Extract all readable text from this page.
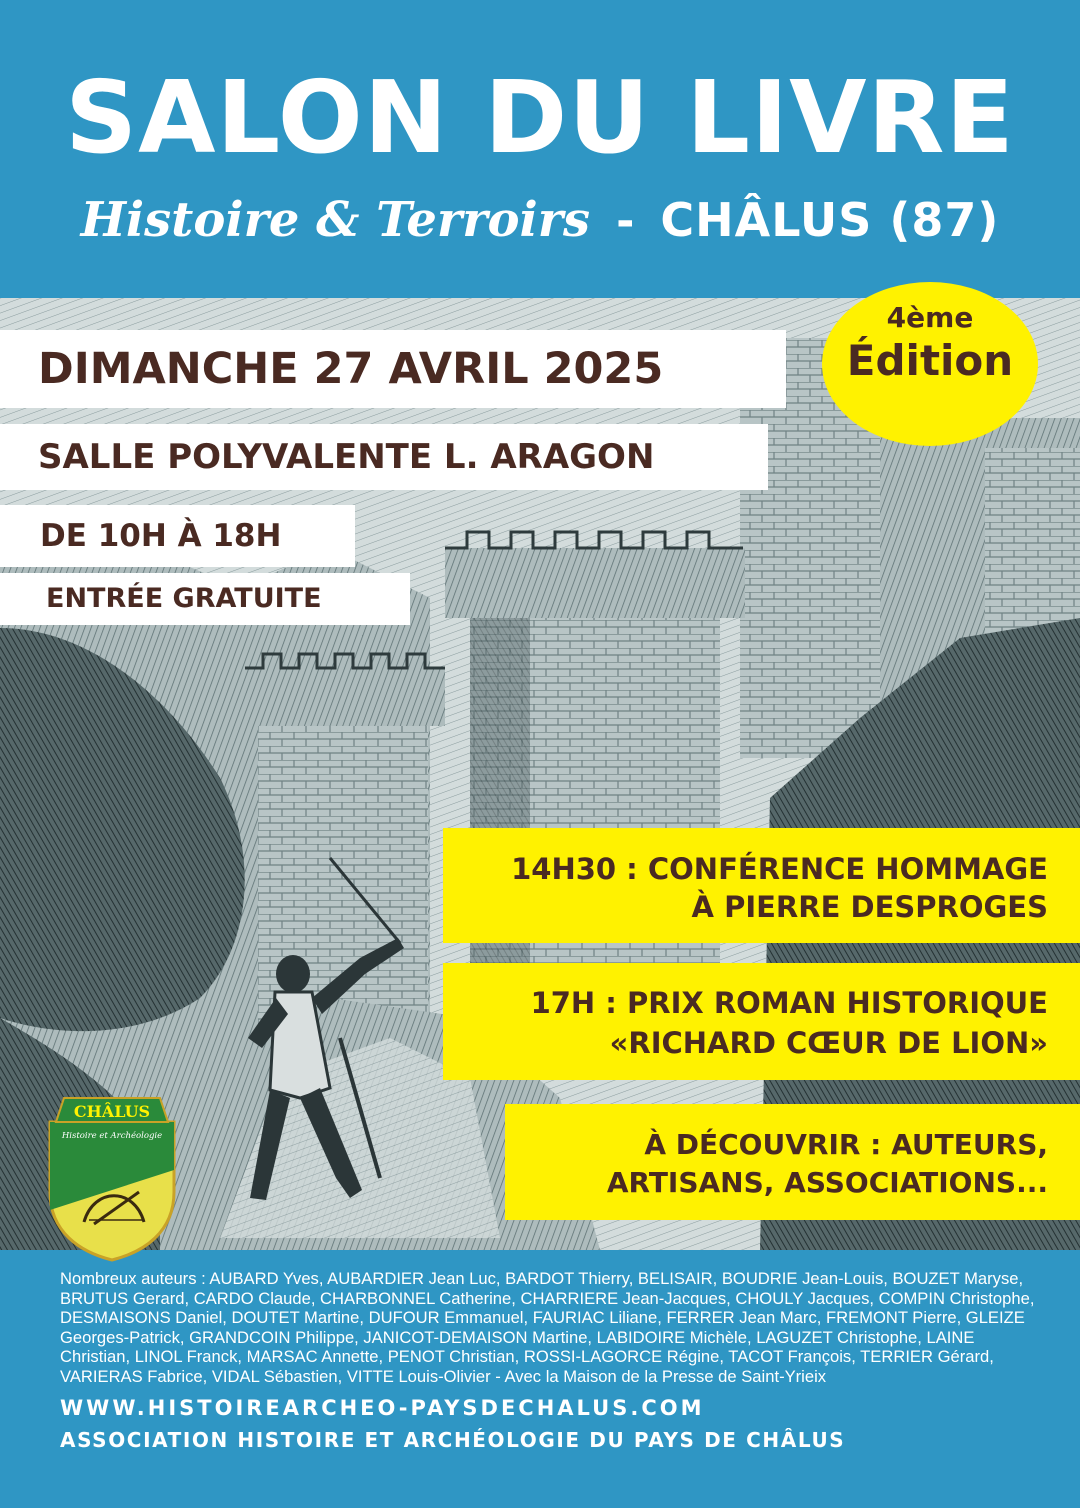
SALON DU LIVRE
Histoire & Terroirs - CHÂLUS (87)
DIMANCHE 27 AVRIL 2025
SALLE POLYVALENTE L. ARAGON
DE 10H À 18H
ENTRÉE GRATUITE
4ème
Édition
14H30 : CONFÉRENCE HOMMAGE
À PIERRE DESPROGES
17H : PRIX ROMAN HISTORIQUE
«RICHARD CŒUR DE LION»
À DÉCOUVRIR : AUTEURS,
ARTISANS, ASSOCIATIONS...
CHÂLUS
Histoire et Archéologie
Nombreux auteurs : AUBARD Yves, AUBARDIER Jean Luc, BARDOT Thierry, BELISAIR, BOUDRIE Jean-Louis, BOUZET Maryse, BRUTUS Gerard, CARDO Claude, CHARBONNEL Catherine, CHARRIERE Jean-Jacques, CHOULY Jacques, COMPIN Christophe, DESMAISONS Daniel, DOUTET Martine, DUFOUR Emmanuel, FAURIAC Liliane, FERRER Jean Marc, FREMONT Pierre, GLEIZE Georges-Patrick, GRANDCOIN Philippe, JANICOT-DEMAISON Martine, LABIDOIRE Michèle, LAGUZET Christophe, LAINE Christian, LINOL Franck, MARSAC Annette, PENOT Christian, ROSSI-LAGORCE Régine, TACOT François, TERRIER Gérard, VARIERAS Fabrice, VIDAL Sébastien, VITTE Louis-Olivier - Avec la Maison de la Presse de Saint-Yrieix
WWW.HISTOIREARCHEO-PAYSDECHALUS.COM
ASSOCIATION HISTOIRE ET ARCHÉOLOGIE DU PAYS DE CHÂLUS
